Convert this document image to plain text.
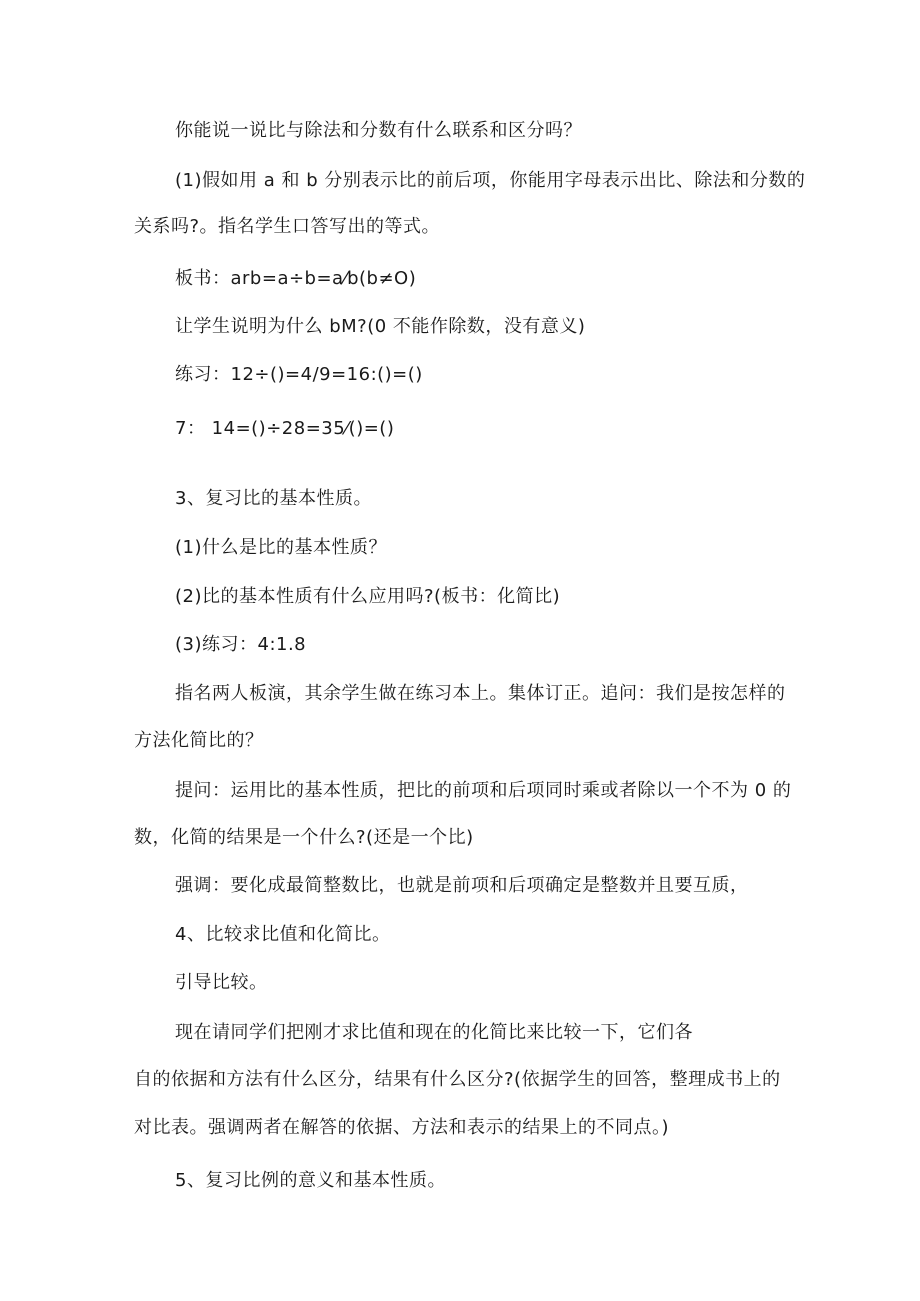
你能说一说比与除法和分数有什么联系和区分吗？

(1)假如用 a 和 b 分别表示比的前后项，你能用字母表示出比、除法和分数的

关系吗?。指名学生口答写出的等式。

板书：arb=a÷b=a⁄b(b≠O)

让学生说明为什么 bM?(0 不能作除数，没有意义)

练习：12÷()=4/9=16:()=()

7： 14=()÷28=35⁄()=()

3、复习比的基本性质。

(1)什么是比的基本性质？

(2)比的基本性质有什么应用吗?(板书：化简比)

(3)练习：4:1.8

指名两人板演，其余学生做在练习本上。集体订正。追问：我们是按怎样的

方法化简比的？

提问：运用比的基本性质，把比的前项和后项同时乘或者除以一个不为 0 的

数，化简的结果是一个什么?(还是一个比)

强调：要化成最简整数比，也就是前项和后项确定是整数并且要互质，

4、比较求比值和化简比。

引导比较。

现在请同学们把刚才求比值和现在的化简比来比较一下，它们各

自的依据和方法有什么区分，结果有什么区分?(依据学生的回答，整理成书上的

对比表。强调两者在解答的依据、方法和表示的结果上的不同点。)

5、复习比例的意义和基本性质。
